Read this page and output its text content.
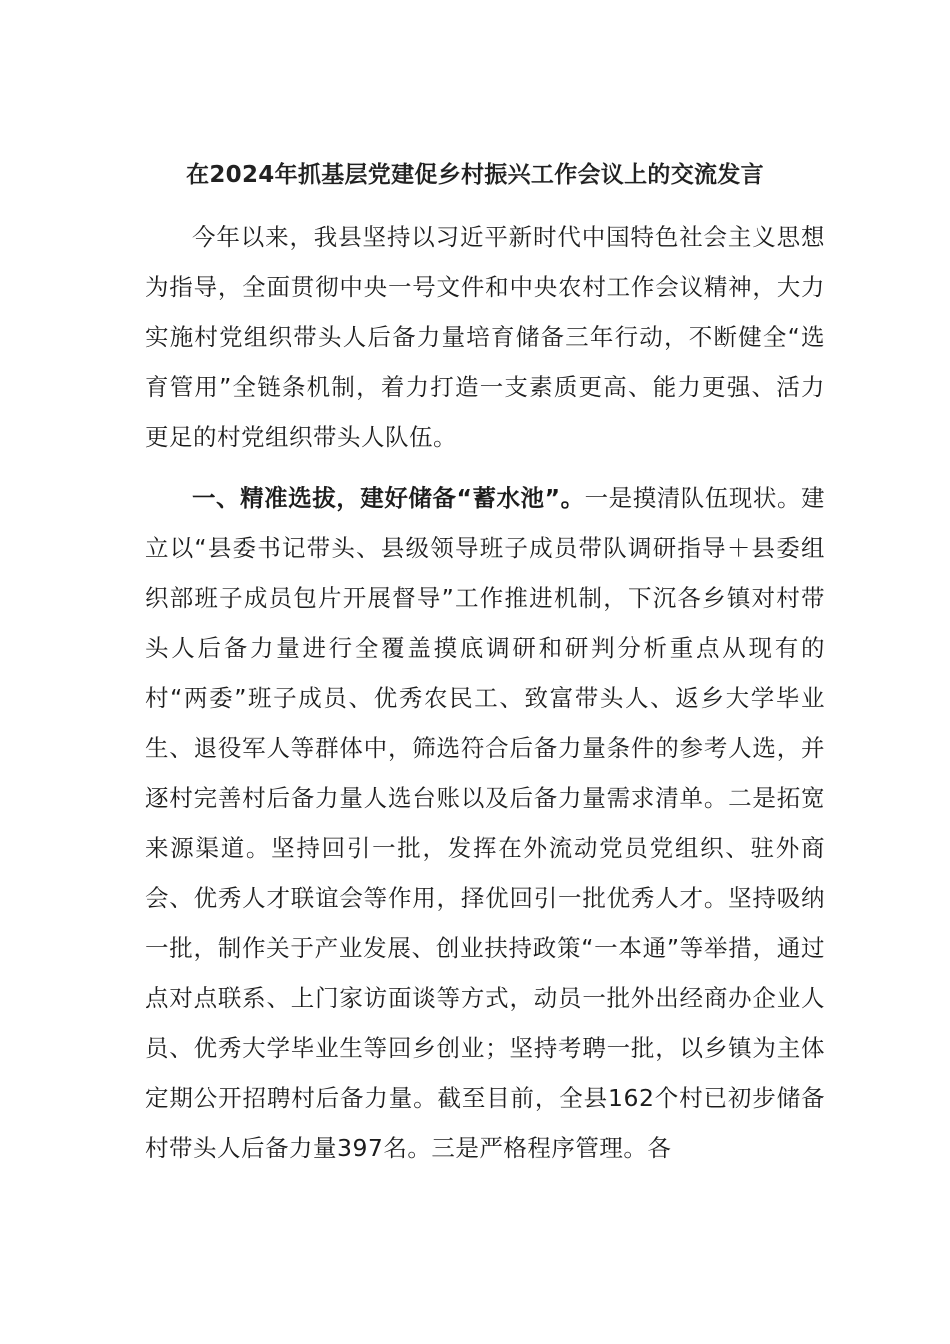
在2024年抓基层党建促乡村振兴工作会议上的交流发言

今年以来，我县坚持以习近平新时代中国特色社会主义思想为指导，全面贯彻中央一号文件和中央农村工作会议精神，大力实施村党组织带头人后备力量培育储备三年行动，不断健全“选育管用”全链条机制，着力打造一支素质更高、能力更强、活力更足的村党组织带头人队伍。

一、精准选拔，建好储备“蓄水池”。一是摸清队伍现状。建立以“县委书记带头、县级领导班子成员带队调研指导＋县委组织部班子成员包片开展督导”工作推进机制，下沉各乡镇对村带头人后备力量进行全覆盖摸底调研和研判分析重点从现有的村“两委”班子成员、优秀农民工、致富带头人、返乡大学毕业生、退役军人等群体中，筛选符合后备力量条件的参考人选，并逐村完善村后备力量人选台账以及后备力量需求清单。二是拓宽来源渠道。坚持回引一批，发挥在外流动党员党组织、驻外商会、优秀人才联谊会等作用，择优回引一批优秀人才。坚持吸纳一批，制作关于产业发展、创业扶持政策“一本通”等举措，通过点对点联系、上门家访面谈等方式，动员一批外出经商办企业人员、优秀大学毕业生等回乡创业；坚持考聘一批，以乡镇为主体定期公开招聘村后备力量。截至目前，全县162个村已初步储备村带头人后备力量397名。三是严格程序管理。各
